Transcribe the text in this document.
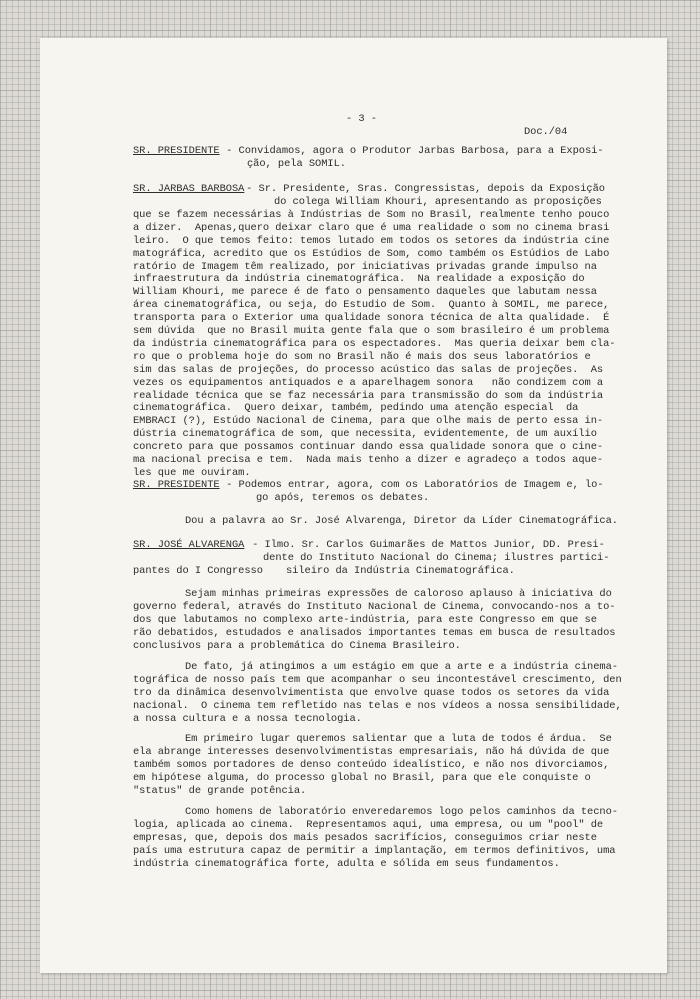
- 3 -
Doc./04
SR. PRESIDENTE - Convidamos, agora o Produtor Jarbas Barbosa, para a Exposi-
ção, pela SOMIL.
SR. JARBAS BARBOSA
- Sr. Presidente, Sras. Congressistas, depois da Exposição
do colega William Khouri, apresentando as proposições
que se fazem necessárias à Indústrias de Som no Brasil, realmente tenho pouco
a dizer.  Apenas,quero deixar claro que é uma realidade o som no cinema brasi
leiro.  O que temos feito: temos lutado em todos os setores da indústria cine
matográfica, acredito que os Estúdios de Som, como também os Estúdios de Labo
ratório de Imagem têm realizado, por iniciativas privadas grande impulso na
infraestrutura da indústria cinematográfica.  Na realidade a exposição do
William Khouri, me parece é de fato o pensamento daqueles que labutam nessa
área cinematográfica, ou seja, do Estudio de Som.  Quanto à SOMIL, me parece,
transporta para o Exterior uma qualidade sonora técnica de alta qualidade.  É
sem dúvida  que no Brasil muita gente fala que o som brasileiro é um problema
da indústria cinematográfica para os espectadores.  Mas queria deixar bem cla-
ro que o problema hoje do som no Brasil não é mais dos seus laboratórios e
sim das salas de projeções, do processo acústico das salas de projeções.  As
vezes os equipamentos antiquados e a aparelhagem sonora   não condizem com a
realidade técnica que se faz necessária para transmissão do som da indústria
cinematográfica.  Quero deixar, também, pedindo uma atenção especial  da
EMBRACI (?), Estúdo Nacional de Cinema, para que olhe mais de perto essa in-
dústria cinematográfica de som, que necessita, evidentemente, de um auxílio
concreto para que possamos continuar dando essa qualidade sonora que o cine-
ma nacional precisa e tem.  Nada mais tenho a dizer e agradeço a todos aque-
les que me ouviram.
SR. PRESIDENTE - Podemos entrar, agora, com os Laboratórios de Imagem e, lo-
go após, teremos os debates.
Dou a palavra ao Sr. José Alvarenga, Diretor da Líder Cinematográfica.
SR. JOSÉ ALVARENGA - Ilmo. Sr. Carlos Guimarães de Mattos Junior, DD. Presi-
dente do Instituto Nacional do Cinema; ilustres partici-
pantes do I Congresso sileiro da Indústria Cinematográfica.
Sejam minhas primeiras expressões de caloroso aplauso à iniciativa do
governo federal, através do Instituto Nacional de Cinema, convocando-nos a to-
dos que labutamos no complexo arte-indústria, para este Congresso em que se
rão debatidos, estudados e analisados importantes temas em busca de resultados
conclusivos para a problemática do Cinema Brasileiro.
De fato, já atingimos a um estágio em que a arte e a indústria cinema-
tográfica de nosso país tem que acompanhar o seu incontestável crescimento, den
tro da dinâmica desenvolvimentista que envolve quase todos os setores da vida
nacional.  O cinema tem refletido nas telas e nos vídeos a nossa sensibilidade,
a nossa cultura e a nossa tecnologia.
Em primeiro lugar queremos salientar que a luta de todos é árdua.  Se
ela abrange interesses desenvolvimentistas empresariais, não há dúvida de que
também somos portadores de denso conteúdo idealístico, e não nos divorciamos,
em hipótese alguma, do processo global no Brasil, para que ele conquiste o
"status" de grande potência.
Como homens de laboratório enveredaremos logo pelos caminhos da tecno-
logia, aplicada ao cinema.  Representamos aqui, uma empresa, ou um "pool" de
empresas, que, depois dos mais pesados sacrifícios, conseguimos criar neste
país uma estrutura capaz de permitir a implantação, em termos definitivos, uma
indústria cinematográfica forte, adulta e sólida em seus fundamentos.
